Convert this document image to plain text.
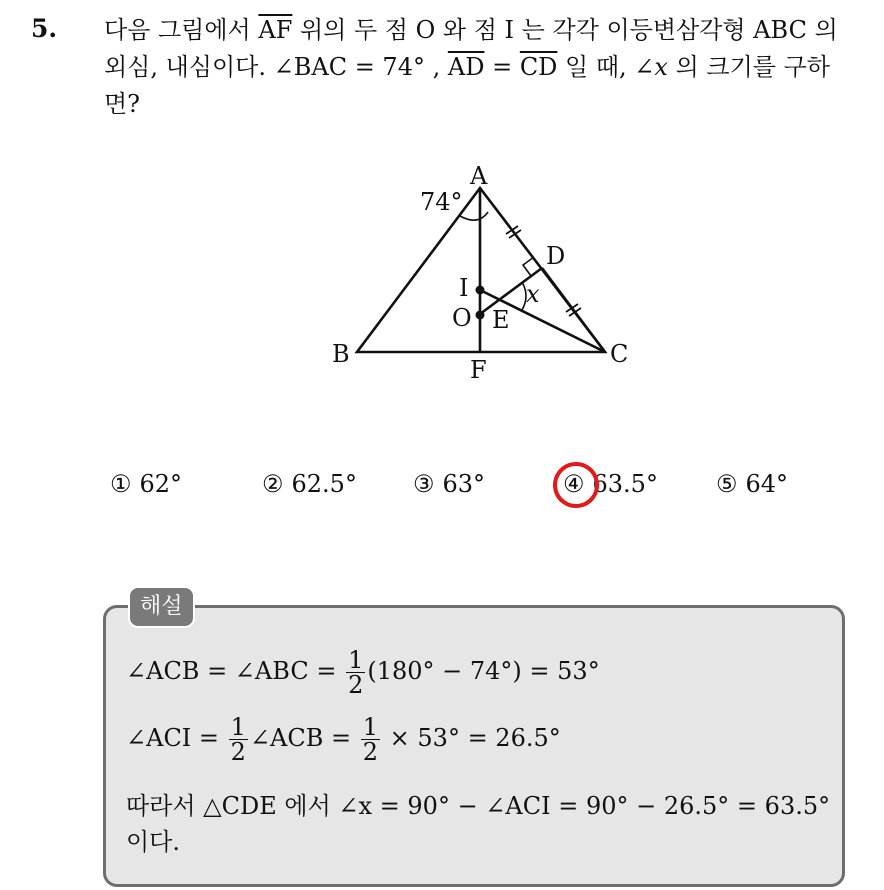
5. 다음 그림에서 $\overline{AF}$ 위의 두 점 O 와 점 I 는 각각 이등변삼각형 ABC 의 외심, 내심이다. ∠BAC = 74° , $\overline{AD} = \overline{CD}$ 일 때, ∠x 의 크기를 구하면?
A
B	C
D
E
F
I
O
74°
x
① 62°	② 62.5° ③ 63°	④ 63.5° ⑤ 64°
해설
∠ACB = ∠ABC = $\frac{1}{2} (180^\circ - 74^\circ) = 53^\circ$
∠ACI = $\frac{1}{2}$ ∠ACB = $\frac{1}{2} \times 53^\circ = 26.5^\circ$
따라서 △CDE 에서 ∠x = 90° − ∠ACI = 90° − 26.5° = 63.5°
이다.
